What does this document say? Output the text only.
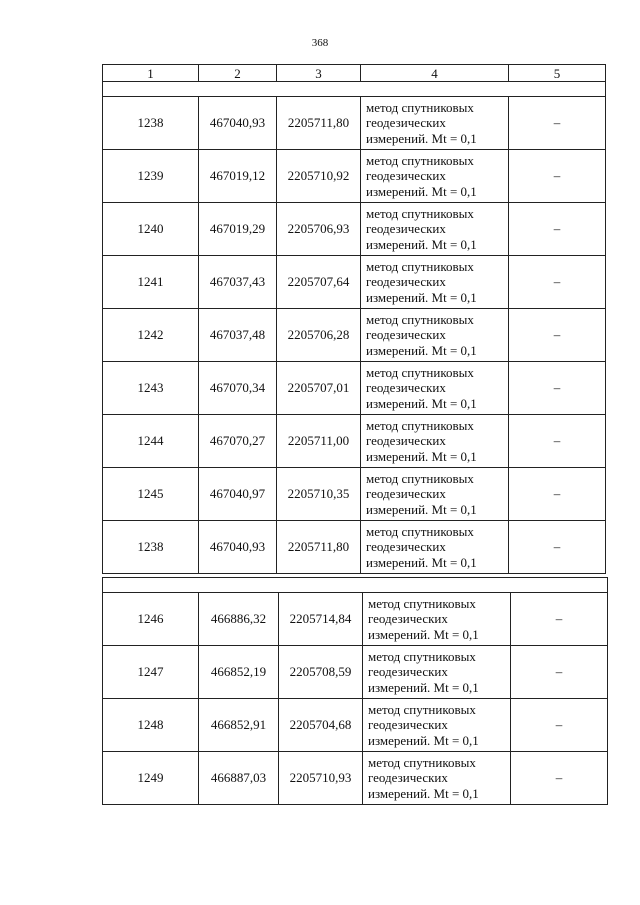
368
1	2	3	4	5

1238	467040,93	2205711,80	метод спутниковых
геодезических
измерений. Mt = 0,1	–
1239	467019,12	2205710,92	метод спутниковых
геодезических
измерений. Mt = 0,1	–
1240	467019,29	2205706,93	метод спутниковых
геодезических
измерений. Mt = 0,1	–
1241	467037,43	2205707,64	метод спутниковых
геодезических
измерений. Mt = 0,1	–
1242	467037,48	2205706,28	метод спутниковых
геодезических
измерений. Mt = 0,1	–
1243	467070,34	2205707,01	метод спутниковых
геодезических
измерений. Mt = 0,1	–
1244	467070,27	2205711,00	метод спутниковых
геодезических
измерений. Mt = 0,1	–
1245	467040,97	2205710,35	метод спутниковых
геодезических
измерений. Mt = 0,1	–
1238	467040,93	2205711,80	метод спутниковых
геодезических
измерений. Mt = 0,1	–

1246	466886,32	2205714,84	метод спутниковых
геодезических
измерений. Mt = 0,1	–
1247	466852,19	2205708,59	метод спутниковых
геодезических
измерений. Mt = 0,1	–
1248	466852,91	2205704,68	метод спутниковых
геодезических
измерений. Mt = 0,1	–
1249	466887,03	2205710,93	метод спутниковых
геодезических
измерений. Mt = 0,1	–
